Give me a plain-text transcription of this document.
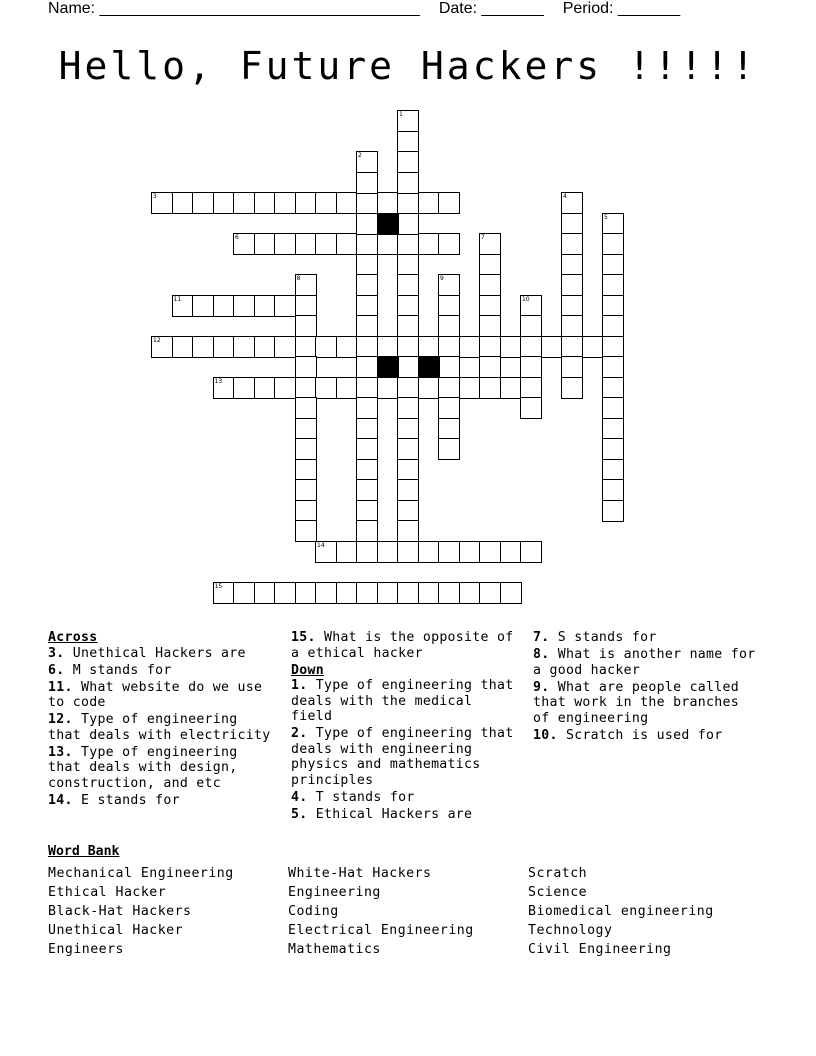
Name: ____________________________________ Date: _______ Period: _______
Hello, Future Hackers !!!!!
3
6
11
12
13
14
15
1
2
4
5
7
8	9
10
Across
3. Unethical Hackers are
6. M stands for
11. What website do we use to code
12. Type of engineering that deals with electricity
13. Type of engineering that deals with design, construction, and etc
14. E stands for
15. What is the opposite of a ethical hacker
Down
1. Type of engineering that deals with the medical field
2. Type of engineering that deals with engineering physics and mathematics principles
4. T stands for
5. Ethical Hackers are
7. S stands for
8. What is another name for a good hacker
9. What are people called that work in the branches of engineering
10. Scratch is used for
Word Bank
Mechanical Engineering
Ethical Hacker
Black-Hat Hackers
Unethical Hacker
Engineers
White-Hat Hackers
Engineering
Coding
Electrical Engineering
Mathematics
Scratch
Science
Biomedical engineering
Technology
Civil Engineering
